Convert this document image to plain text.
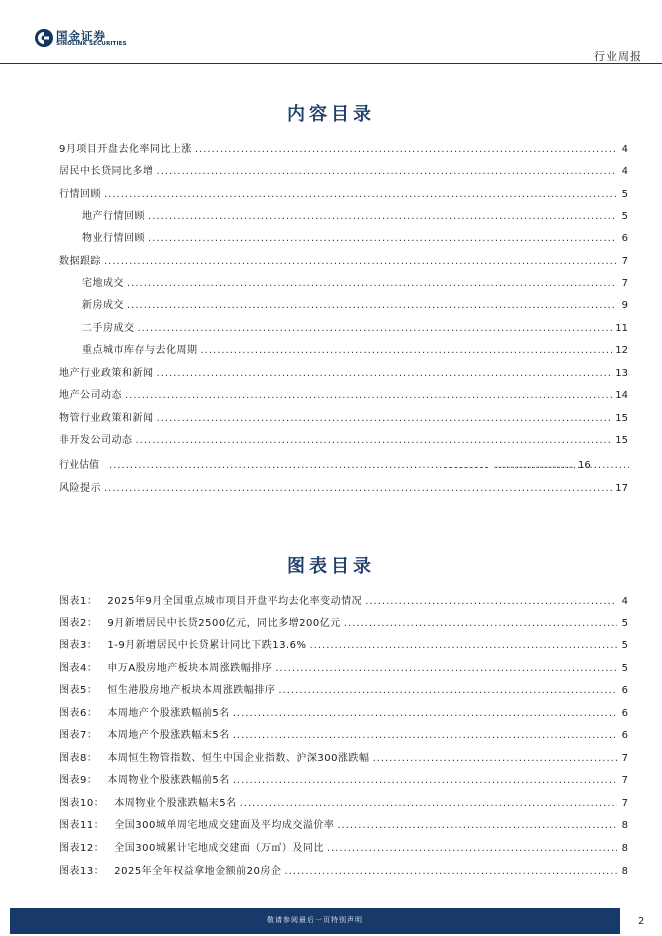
国金证券
SINOLINK SECURITIES
行业周报
内容目录
9月项目开盘去化率同比上涨 .....	4
居民中长贷同比多增 .....	4
行情回顾 .....	5
地产行情回顾 .....	5
物业行情回顾 .....	6
数据跟踪 .....	7
宅地成交 .....	7
新房成交 .....	9
二手房成交 .....	11
重点城市库存与去化周期 .....	12
地产行业政策和新闻 .....	13
地产公司动态 .....	14
物管行业政策和新闻 .....	15
非开发公司动态 .....	15
行业估值 ..... .....	16
风险提示 .....	17
图表目录
图表1： 2025年9月全国重点城市项目开盘平均去化率变动情况 .....	4
图表2： 9月新增居民中长贷2500亿元，同比多增200亿元 .....	5
图表3： 1-9月新增居民中长贷累计同比下跌13.6% .....	5
图表4： 申万A股房地产板块本周涨跌幅排序 .....	5
图表5： 恒生港股房地产板块本周涨跌幅排序 .....	6
图表6： 本周地产个股涨跌幅前5名 .....	6
图表7： 本周地产个股涨跌幅末5名 .....	6
图表8： 本周恒生物管指数、恒生中国企业指数、沪深300涨跌幅 .....	7
图表9： 本周物业个股涨跌幅前5名 .....	7
图表10： 本周物业个股涨跌幅末5名 .....	7
图表11： 全国300城单周宅地成交建面及平均成交溢价率 .....	8
图表12： 全国300城累计宅地成交建面（万㎡）及同比 .....	8
图表13： 2025年全年权益拿地金额前20房企 .....	8
敬请参阅最后一页特别声明	2
